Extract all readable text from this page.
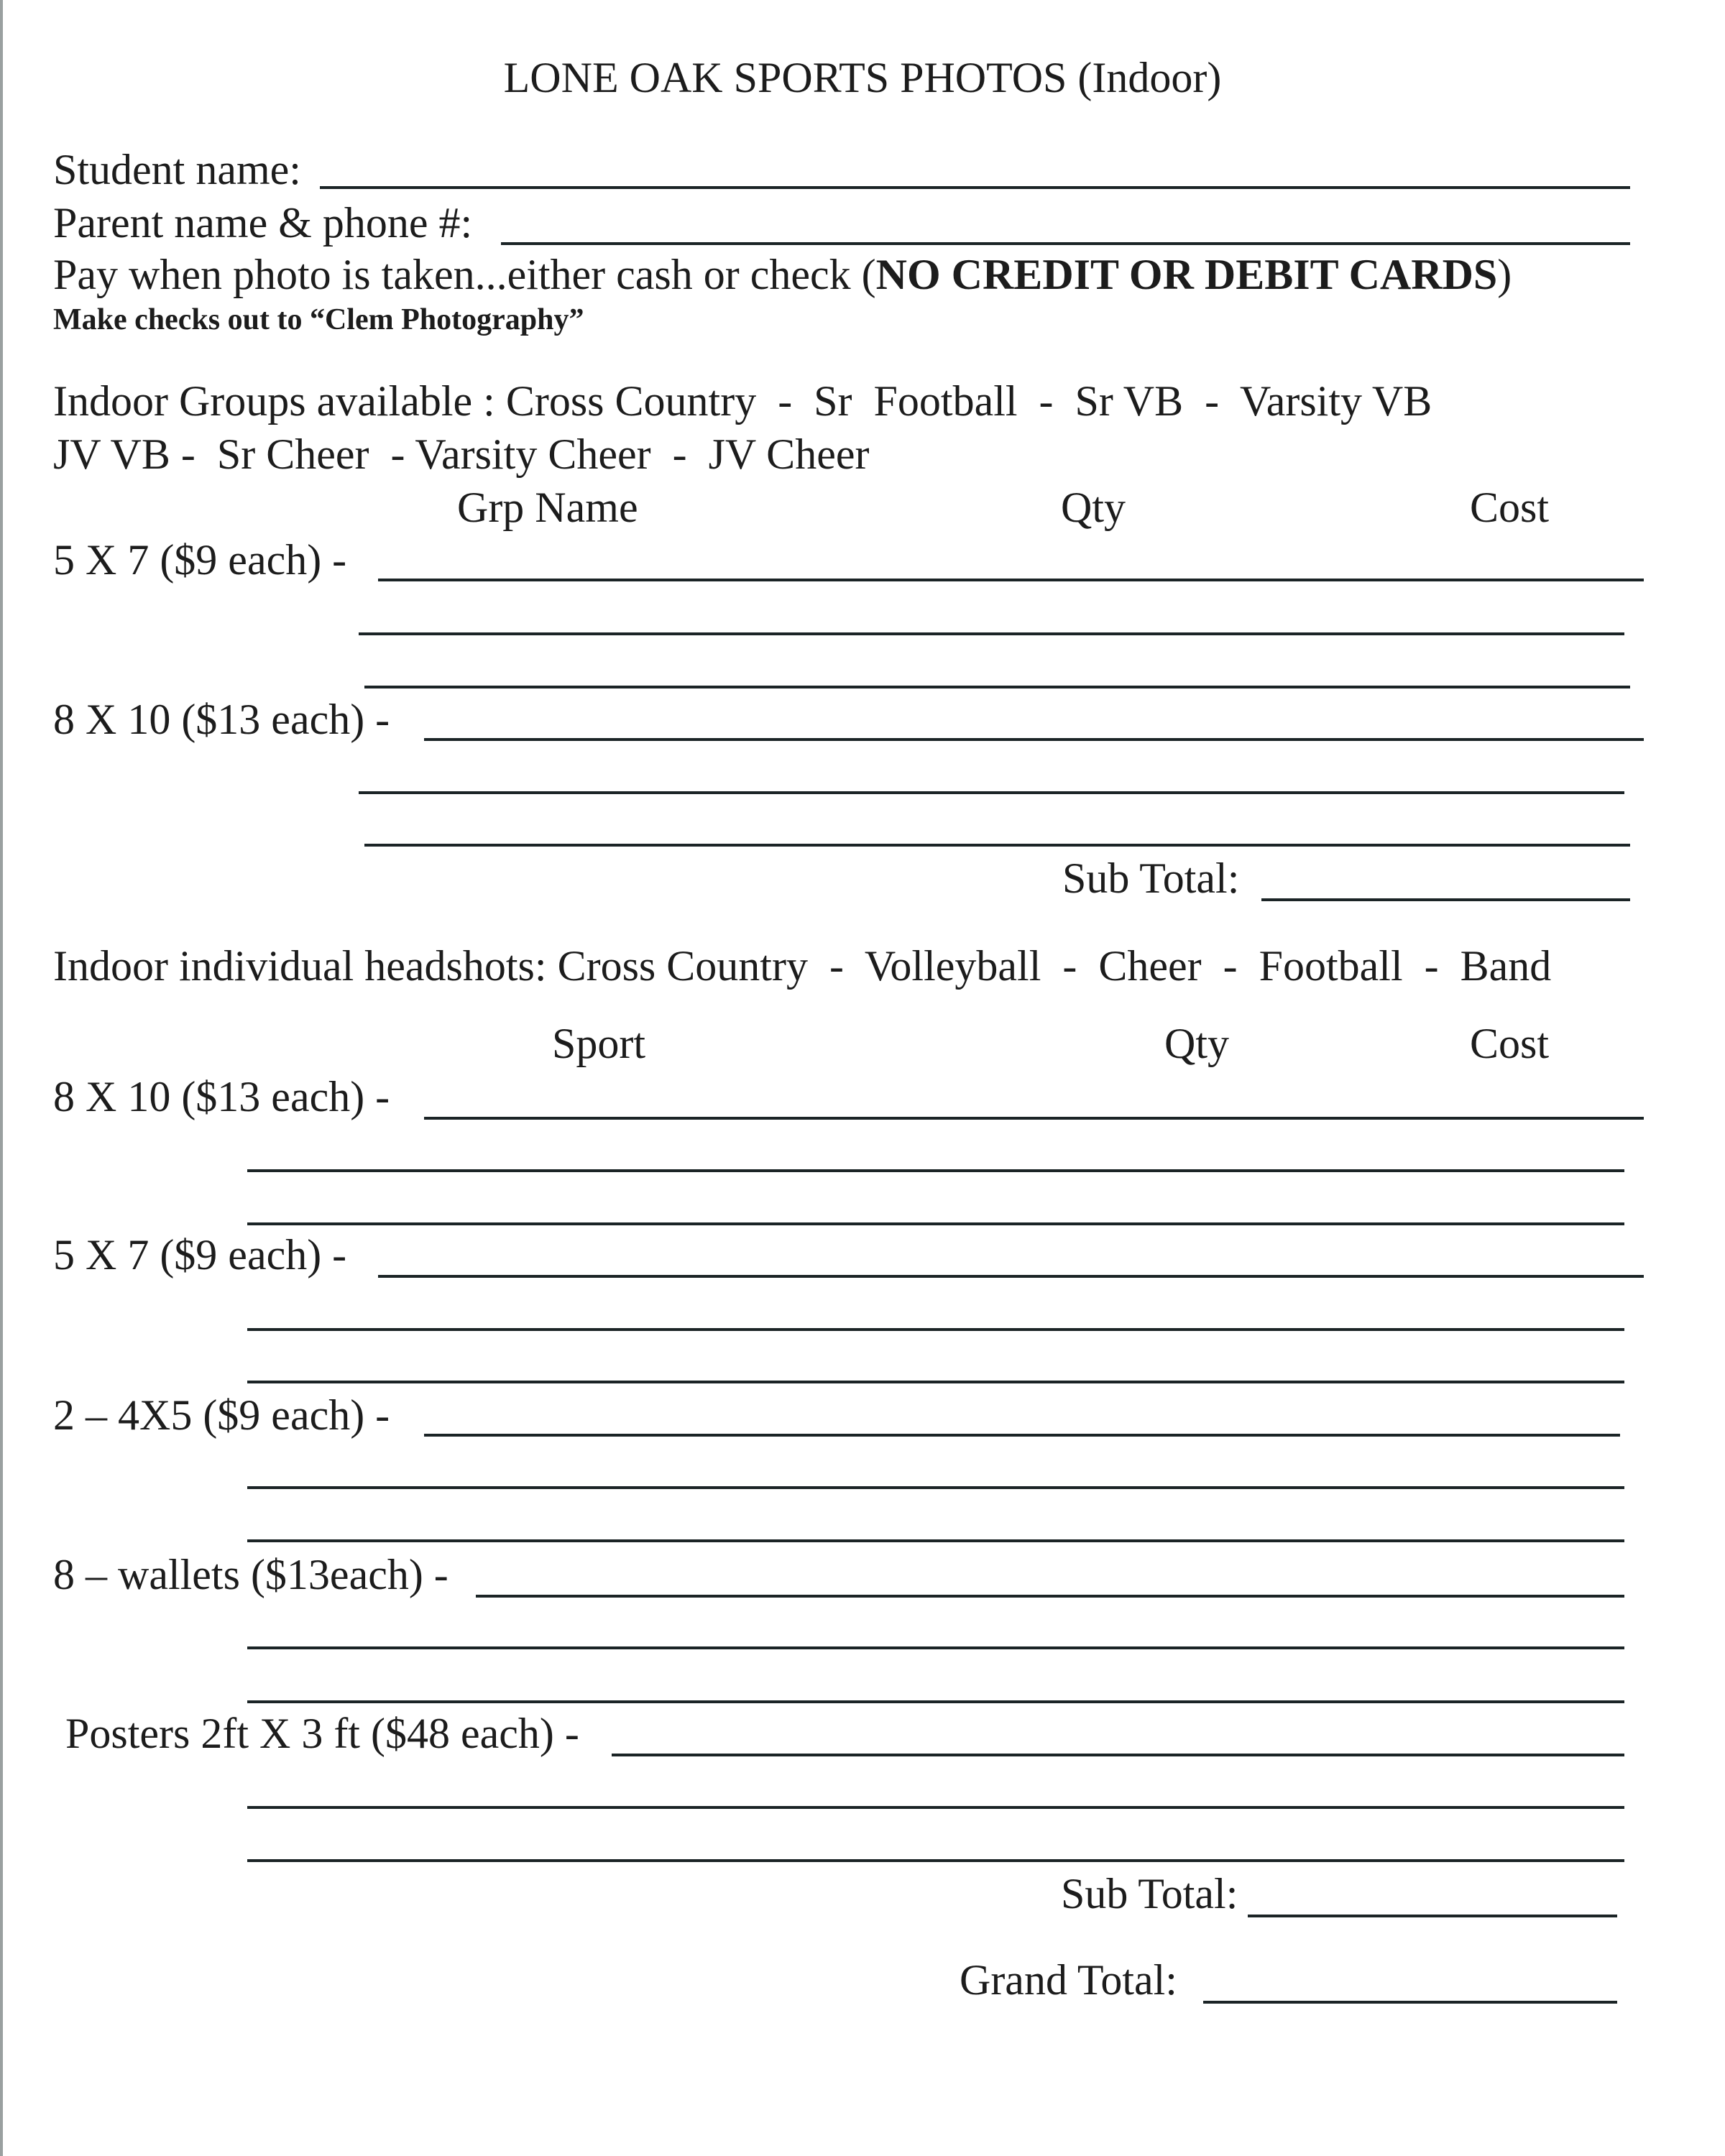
LONE OAK SPORTS PHOTOS (Indoor)
Student name:
Parent name & phone #:
Pay when photo is taken...either cash or check (NO CREDIT OR DEBIT CARDS)
Make checks out to “Clem Photography”
Indoor Groups available : Cross Country  -  Sr  Football  -  Sr VB  -  Varsity VB
JV VB -  Sr Cheer  - Varsity Cheer  -  JV Cheer
Grp Name	Qty	Cost
5 X 7 ($9 each) -
8 X 10 ($13 each) -
Sub Total:
Indoor individual headshots: Cross Country  -  Volleyball  -  Cheer  -  Football  -  Band
Sport	Qty	Cost
8 X 10 ($13 each) -
5 X 7 ($9 each) -
2 – 4X5 ($9 each) -
8 – wallets ($13each) -
Posters 2ft X 3 ft ($48 each) -
Sub Total:
Grand Total:
